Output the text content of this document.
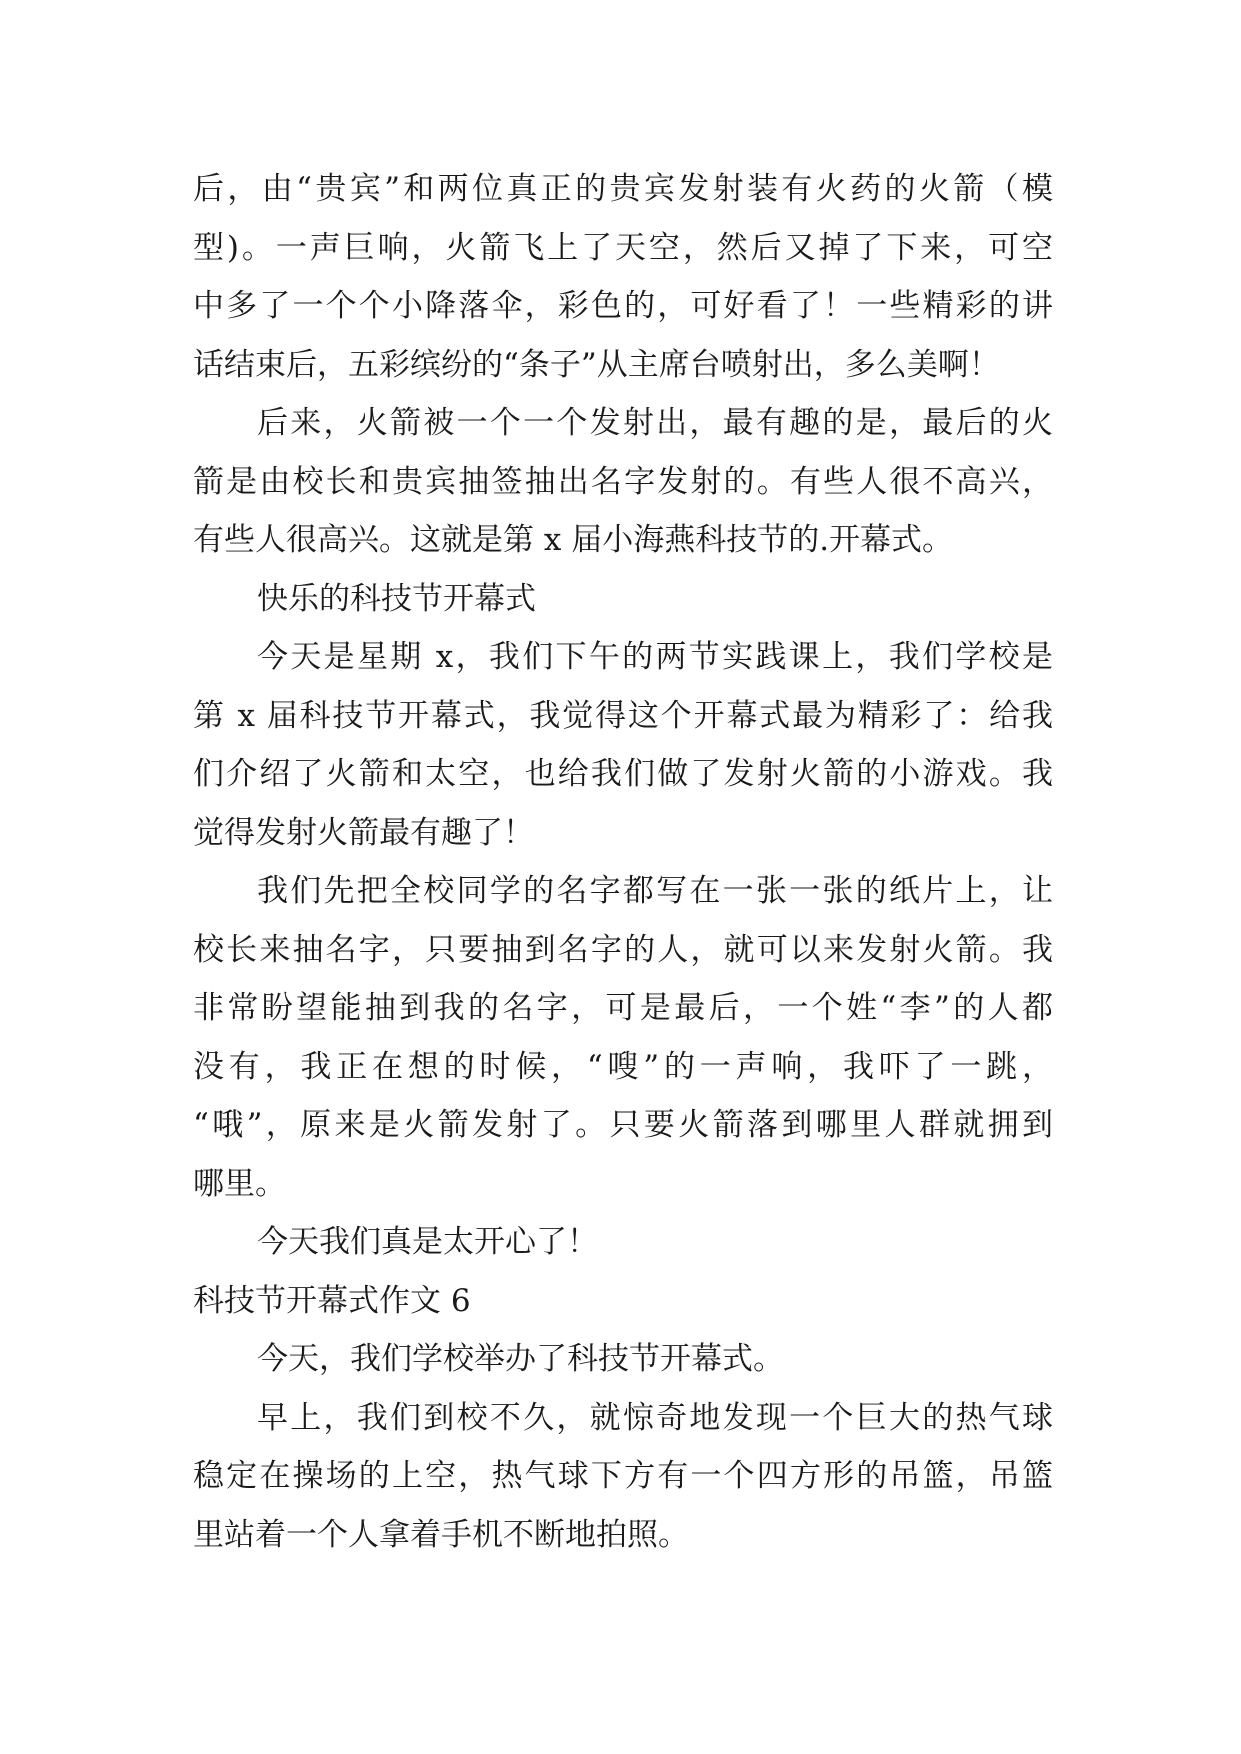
后，由“贵宾”和两位真正的贵宾发射装有火药的火箭（模
型)。一声巨响，火箭飞上了天空，然后又掉了下来，可空
中多了一个个小降落伞，彩色的，可好看了！一些精彩的讲
话结束后，五彩缤纷的“条子”从主席台喷射出，多么美啊！
后来，火箭被一个一个发射出，最有趣的是，最后的火
箭是由校长和贵宾抽签抽出名字发射的。有些人很不高兴，
有些人很高兴。这就是第 x 届小海燕科技节的.开幕式。
快乐的科技节开幕式
今天是星期 x，我们下午的两节实践课上，我们学校是
第 x 届科技节开幕式，我觉得这个开幕式最为精彩了：给我
们介绍了火箭和太空，也给我们做了发射火箭的小游戏。我
觉得发射火箭最有趣了！
我们先把全校同学的名字都写在一张一张的纸片上，让
校长来抽名字，只要抽到名字的人，就可以来发射火箭。我
非常盼望能抽到我的名字，可是最后，一个姓“李”的人都
没有，我正在想的时候，“嗖”的一声响，我吓了一跳，
“哦”，原来是火箭发射了。只要火箭落到哪里人群就拥到
哪里。
今天我们真是太开心了！
科技节开幕式作文 6
今天，我们学校举办了科技节开幕式。
早上，我们到校不久，就惊奇地发现一个巨大的热气球
稳定在操场的上空，热气球下方有一个四方形的吊篮，吊篮
里站着一个人拿着手机不断地拍照。
